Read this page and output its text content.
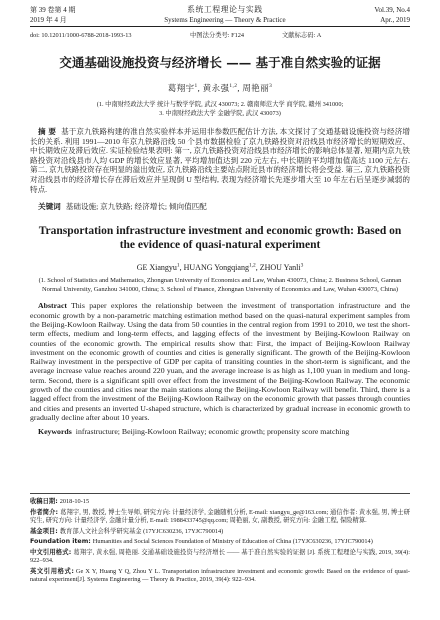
第 39 卷第 4 期
2019 年 4 月
系统工程理论与实践
Systems Engineering — Theory & Practice
Vol.39, No.4
Apr., 2019
doi: 10.12011/1000-6788-2018-1993-13	中图法分类号: F124	文献标志码: A
交通基础设施投资与经济增长 —— 基于准自然实验的证据
葛翔宇$^1$, 黄永强$^{1,2}$, 周艳丽$^3$
(1. 中南财经政法大学 统计与数学学院, 武汉 430073; 2. 赣南师范大学 商学院, 赣州 341000;
3. 中南财经政法大学 金融学院, 武汉 430073)
摘 要 基于京九铁路构建的准自然实验样本并运用非参数匹配估计方法, 本文探讨了交通基础设施投资与经济增长的关系. 利用 1991—2010 年京九铁路沿线 50 个县市数据检验了京九铁路投资对沿线县市经济增长的短期效应、中长期效应及滞后效应. 实证检验结果表明: 第一, 京九铁路投资对沿线县市经济增长的影响总体显著, 短期内京九铁路投资对沿线县市人均 GDP 的增长效应显著, 平均增加值达到 220 元左右, 中长期的平均增加值高达 1100 元左右. 第二, 京九铁路投资存在明显的溢出效应, 京九铁路沿线主要站点附近县市的经济增长将会受益. 第三, 京九铁路投资对沿线县市的经济增长存在滞后效应并呈现倒 U 型结构, 表现为经济增长先逐步增大至 10 年左右后呈逐步减弱的特点.
关键词 基础设施; 京九铁路; 经济增长; 倾向值匹配
Transportation infrastructure investment and economic growth: Based on the evidence of quasi-natural experiment
GE Xiangyu$^1$, HUANG Yongqiang$^{1,2}$, ZHOU Yanli$^3$
(1. School of Statistics and Mathematics, Zhongnan University of Economics and Law, Wuhan 430073, China; 2. Business School, Gannan Normal University, Ganzhou 341000, China; 3. School of Finance, Zhongnan University of Economics and Law, Wuhan 430073, China)
Abstract This paper explores the relationship between the investment of transportation infrastructure and the economic growth by a non-parametric matching estimation method based on the quasi-natural experiment samples from the Beijing-Kowloon Railway. Using the data from 50 counties in the central region from 1991 to 2010, we test the short-term effects, medium and long-term effects, and lagging effects of the investment by Beijing-Kowloon Railway on counties of the economic growth. The empirical results show that: First, the impact of Beijing-Kowloon Railway investment on the economic growth of counties and cities is generally significant. The growth of the Beijing-Kowloon Railway investment in the perspective of GDP per capita of transiting counties in the short-term is significant, and the average increase value reaches around 220 yuan, and the average increase is as high as 1,100 yuan in medium and long-term. Second, there is a significant spill over effect from the investment of the Beijing-Kowloon Railway. The economic growth of the counties and cities near the main stations along the Beijing-Kowloon Railway will benefit. Third, there is a lagged effect from the investment of the Beijing-Kowloon Railway on the economic growth that passes through counties and cities and presents an inverted U-shaped structure, which is characterized by gradual increase in economic growth to gradually decline after about 10 years.
Keywords infrastructure; Beijing-Kowloon Railway; economic growth; propensity score matching

收稿日期: 2018-10-15

作者简介: 葛翔宇, 男, 教授, 博士生导师, 研究方向: 计量经济学, 金融随机分析, E-mail: xiangyu_ge@163.com; 通信作者: 黄永强, 男, 博士研究生, 研究方向: 计量经济学, 金融计量分析, E-mail: 1988433745@qq.com; 周艳丽, 女, 副教授, 研究方向: 金融工程, 保险精算.

基金项目: 教育部人文社会科学研究基金 (17YJC630236, 17YJC790014)

Foundation item: Humanities and Social Sciences Foundation of Ministry of Education of China (17YJC630236, 17YJC790014)

中文引用格式: 葛翔宇, 黄永强, 周艳丽. 交通基础设施投资与经济增长 —— 基于准自然实验的证据 [J]. 系统工程理论与实践, 2019, 39(4): 922–934.

英文引用格式: Ge X Y, Huang Y Q, Zhou Y L. Transportation infrastructure investment and economic growth: Based on the evidence of quasi-natural experiment[J]. Systems Engineering — Theory & Practice, 2019, 39(4): 922–934.
